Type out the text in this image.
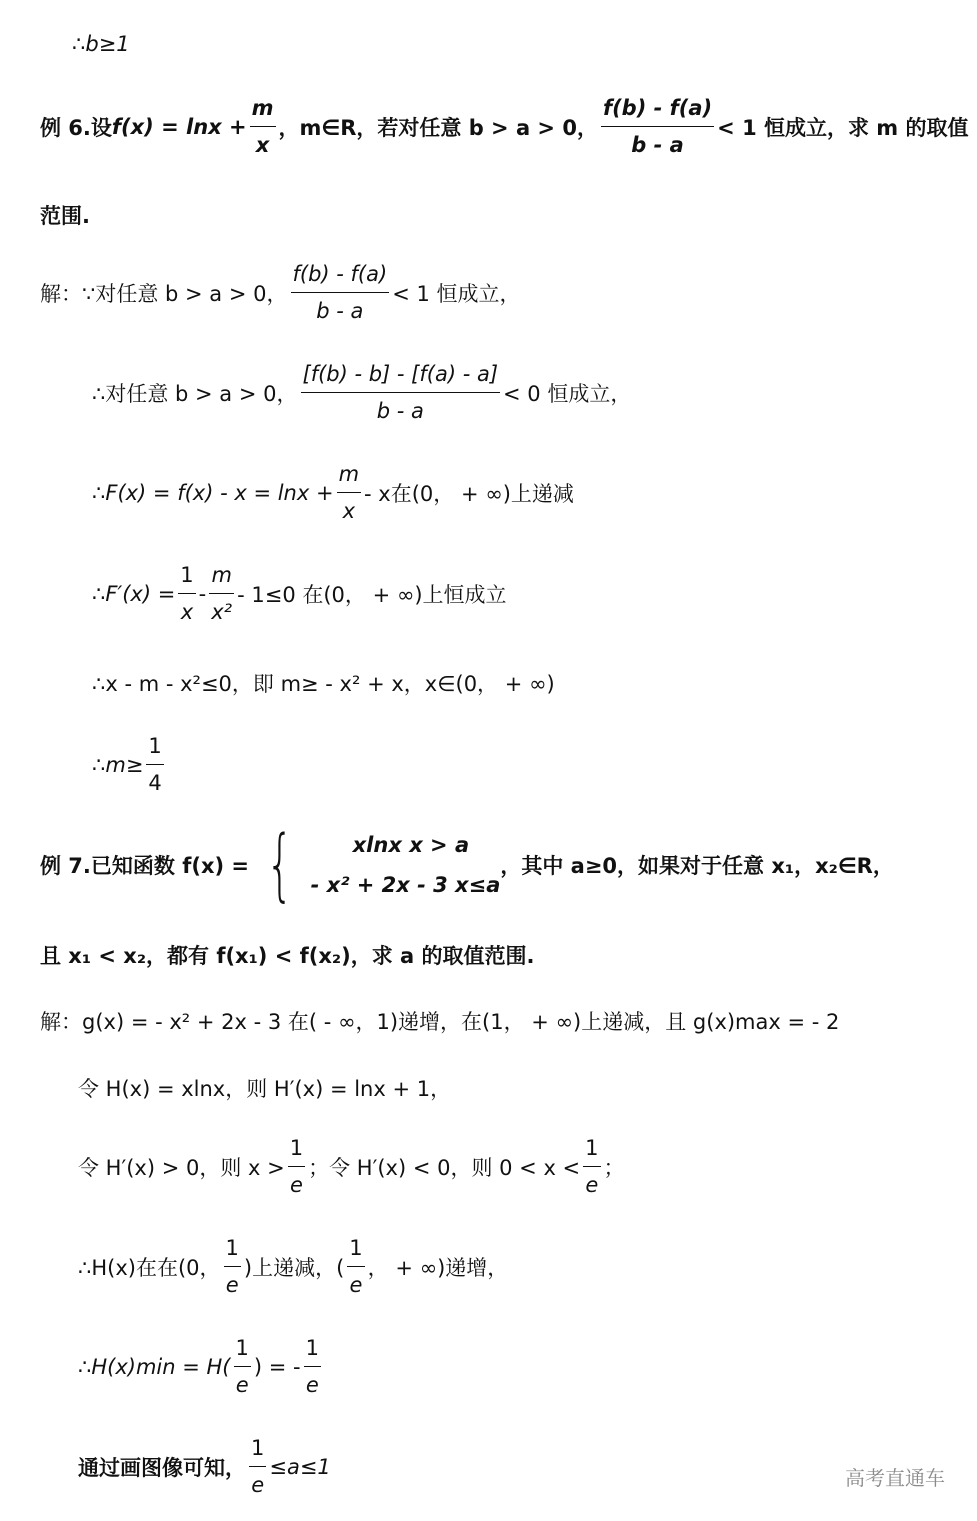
∴b≥1
例 6.设 $f(x) = \ln x + \frac{m}{x}$ ，m∈R，若对任意 b > a > 0， $\frac{f(b) - f(a)}{b - a} < 1$ 恒成立，求 m 的取值
范围.
解：∵对任意 b > a > 0， $\frac{f(b) - f(a)}{b - a} < 1$ 恒成立，
∴对任意 b > a > 0， $\frac{[f(b) - b] - [f(a) - a]}{b - a} < 0$ 恒成立，
∴F(x) = $f(x) - x = \ln x + \frac{m}{x} - x$在(0， + ∞)上递减
∴F′(x) = $\frac{1}{x} - \frac{m}{\text{x²}} - 1\le 0$ 在(0， + ∞)上恒成立
∴x - m - x²≤0，即 m≥ - x² + x，x∈(0， + ∞)
∴m≥ $\frac{1}{4}$
例 7.已知函数 f(x) = {	xlnx x > a
- x² + 2x - 3 x≤a
，其中 a≥0，如果对于任意 x₁，x₂∈R，
且 x₁ < x₂，都有 f(x₁) < f(x₂)，求 a 的取值范围.
解：g(x) = - x² + 2x - 3 在( - ∞，1)递增，在(1， + ∞)上递减，且 g(x)max = - 2
令 H(x) = xlnx，则 H′(x) = lnx + 1，
令 H′(x) > 0，则 $x > \frac{1}{e}$ ；令 H′(x) < 0，则 $0 < x < \frac{1}{e}$ ；
∴H(x)在在(0， $\frac{1}{e}$ )上递减，( $\frac{1}{e}$ ， + ∞)递增，
∴H(x)min = $H( \frac{1}{e}$ ) = - $\frac{1}{e}$
通过画图像可知， $\frac{1}{e} \le a\le 1$	高考直通车
